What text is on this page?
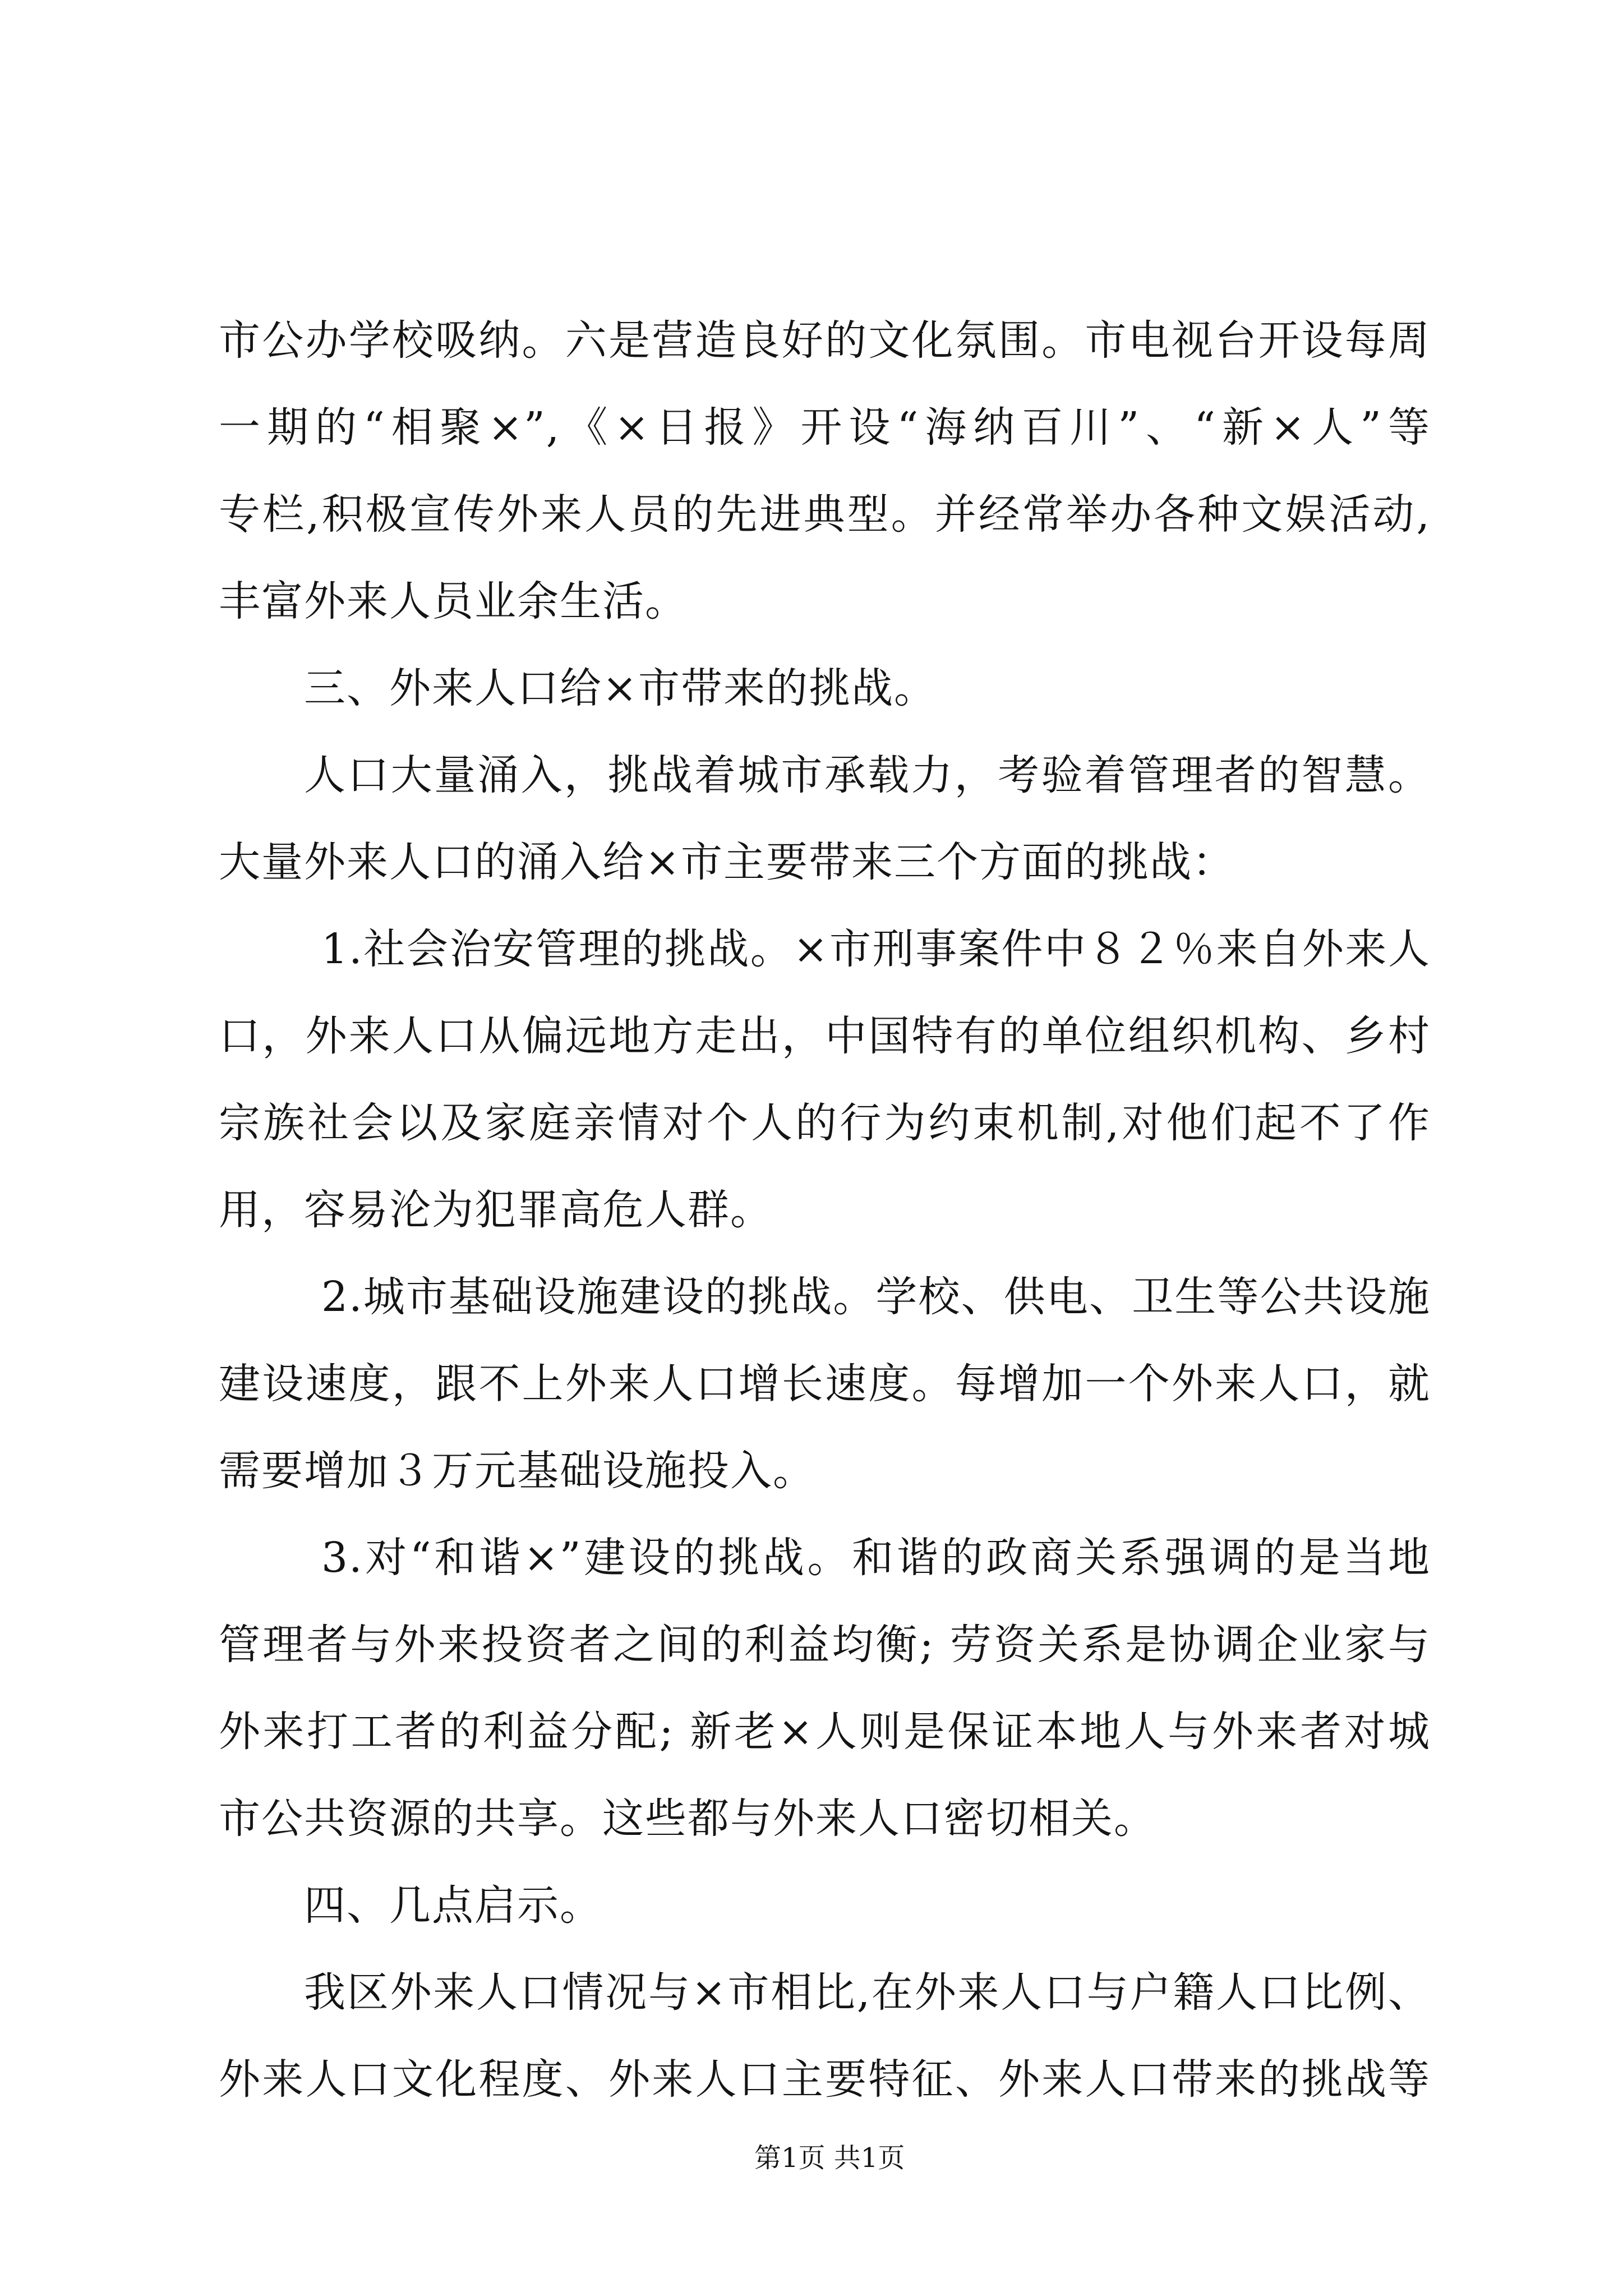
市公办学校吸纳。六是营造良好的文化氛围。市电视台开设每周
一期的“相聚×”,《×日报》开设“海纳百川”、“新×人”等
专栏,积极宣传外来人员的先进典型。并经常举办各种文娱活动,
丰富外来人员业余生活。
三、外来人口给×市带来的挑战。
人口大量涌入，挑战着城市承载力，考验着管理者的智慧。
大量外来人口的涌入给×市主要带来三个方面的挑战：
1.社会治安管理的挑战。×市刑事案件中８２％来自外来人
口，外来人口从偏远地方走出，中国特有的单位组织机构、乡村
宗族社会以及家庭亲情对个人的行为约束机制,对他们起不了作
用，容易沦为犯罪高危人群。
2.城市基础设施建设的挑战。学校、供电、卫生等公共设施
建设速度，跟不上外来人口增长速度。每增加一个外来人口，就
需要增加３万元基础设施投入。
3.对“和谐×”建设的挑战。和谐的政商关系强调的是当地
管理者与外来投资者之间的利益均衡; 劳资关系是协调企业家与
外来打工者的利益分配; 新老×人则是保证本地人与外来者对城
市公共资源的共享。这些都与外来人口密切相关。
四、几点启示。
我区外来人口情况与×市相比,在外来人口与户籍人口比例、
外来人口文化程度、外来人口主要特征、外来人口带来的挑战等
第1页 共1页
